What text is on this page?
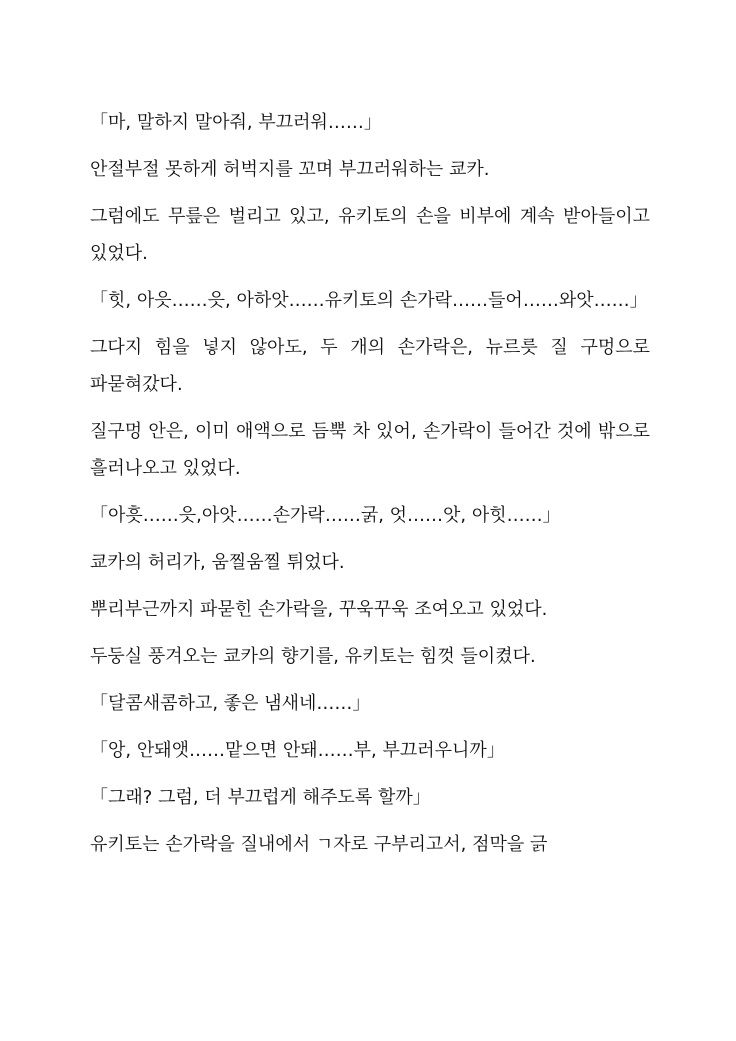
「마, 말하지 말아줘, 부끄러워……」

안절부절 못하게 허벅지를 꼬며 부끄러워하는 쿄카.

그럼에도 무릎은 벌리고 있고, 유키토의 손을 비부에 계속 받아들이고 있었다.

「힛, 아읏……읏, 아하앗……유키토의 손가락……들어……와앗……」

그다지 힘을 넣지 않아도, 두 개의 손가락은, 뉴르릇 질 구멍으로 파묻혀갔다.

질구멍 안은, 이미 애액으로 듬뿍 차 있어, 손가락이 들어간 것에 밖으로 흘러나오고 있었다.

「아흣……읏,아앗……손가락……굵, 엇……앗, 아힛……」

쿄카의 허리가, 움찔움찔 튀었다.

뿌리부근까지 파묻힌 손가락을, 꾸욱꾸욱 조여오고 있었다.

두둥실 풍겨오는 쿄카의 향기를, 유키토는 힘껏 들이켰다.

「달콤새콤하고, 좋은 냄새네……」

「앙, 안돼앳……맡으면 안돼……부, 부끄러우니까」

「그래? 그럼, 더 부끄럽게 해주도록 할까」

유키토는 손가락을 질내에서 ㄱ자로 구부리고서, 점막을 긁
